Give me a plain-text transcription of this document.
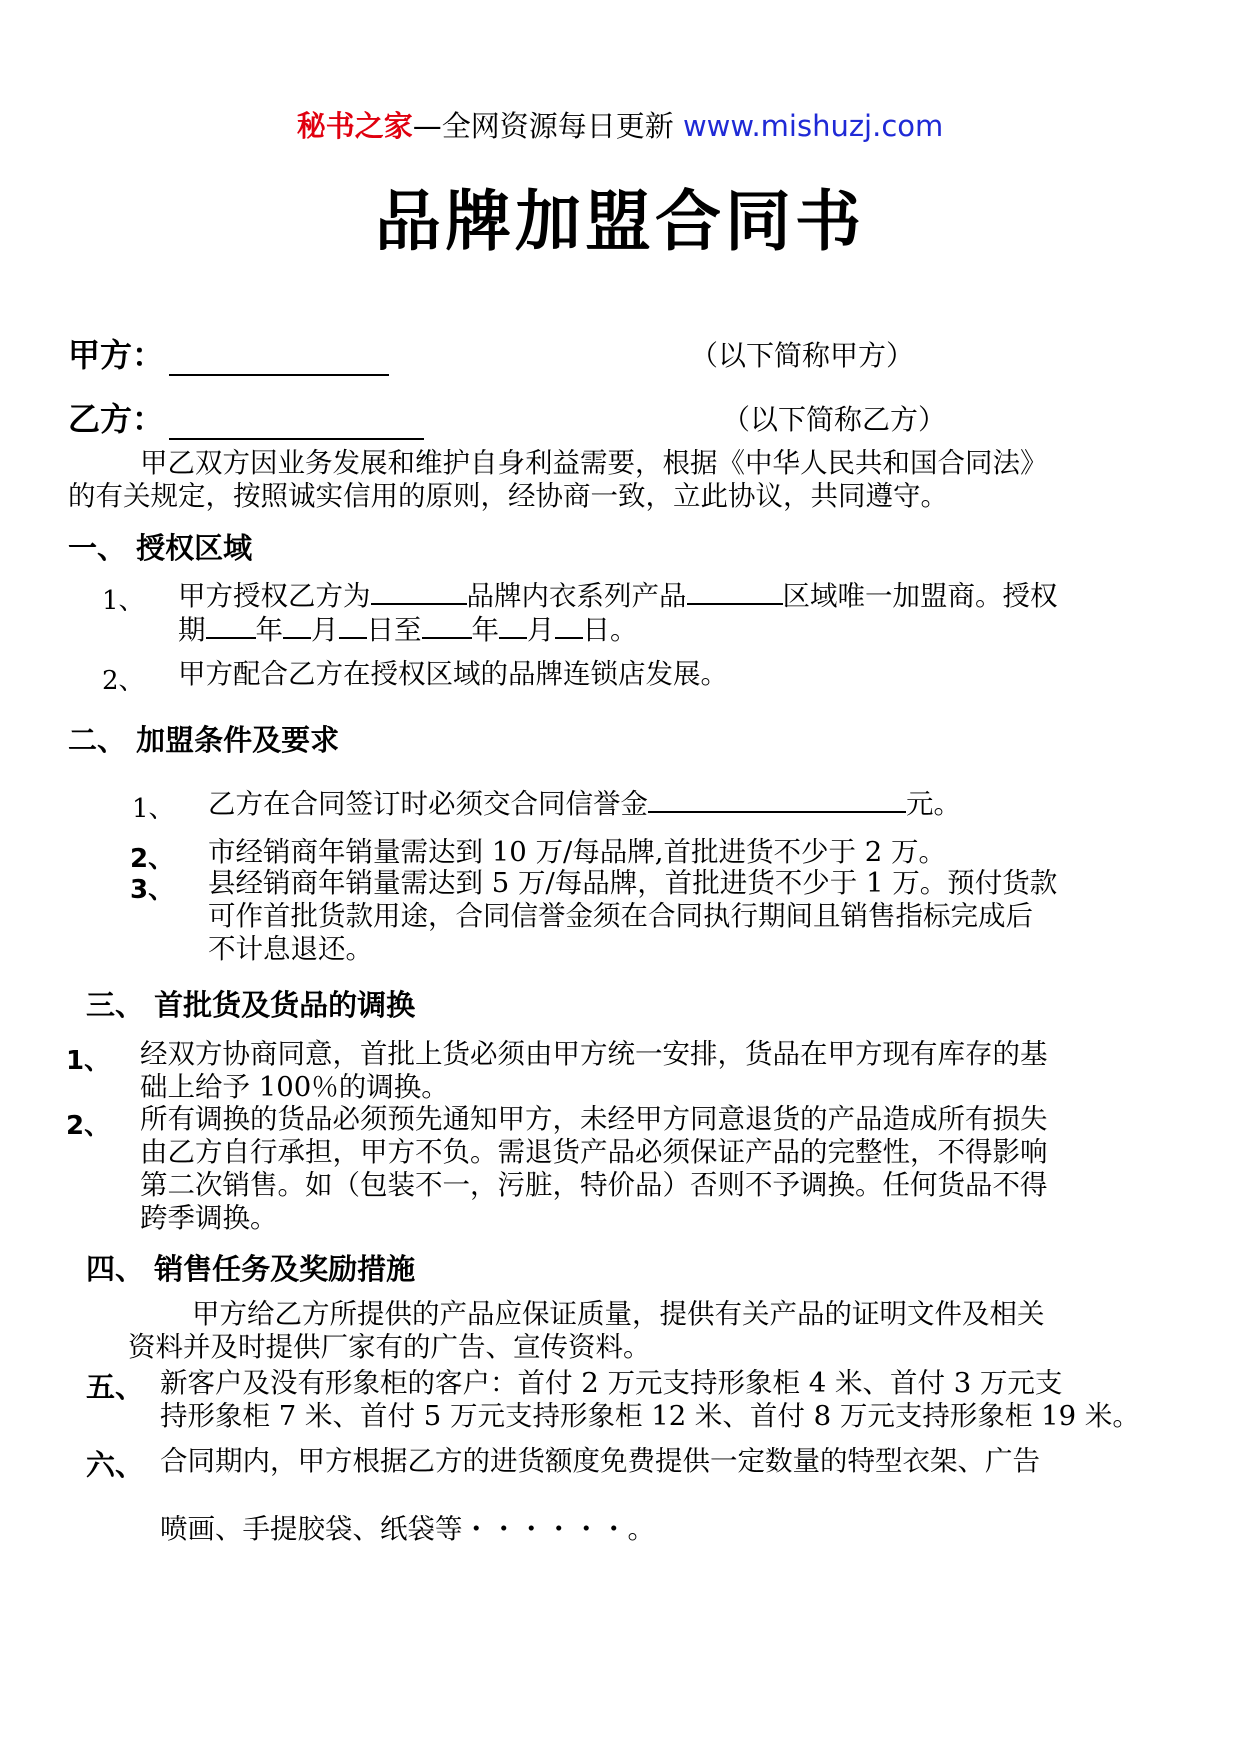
秘书之家—全网资源每日更新 www.mishuzj.com
品牌加盟合同书
甲方：	（以下简称甲方）
乙方：	（以下简称乙方）
甲乙双方因业务发展和维护自身利益需要，根据《中华人民共和国合同法》
的有关规定，按照诚实信用的原则，经协商一致，立此协议，共同遵守。
一、 授权区域
1、 甲方授权乙方为	品牌内衣系列产品	区域唯一加盟商。授权
期 年 月 日至 年 月 日。
2、 甲方配合乙方在授权区域的品牌连锁店发展。
二、 加盟条件及要求
1、 乙方在合同签订时必须交合同信誉金	元。
2、 市经销商年销量需达到 10 万/每品牌,首批进货不少于 2 万。
3、 县经销商年销量需达到 5 万/每品牌，首批进货不少于 1 万。预付货款
可作首批货款用途，合同信誉金须在合同执行期间且销售指标完成后
不计息退还。
三、 首批货及货品的调换
1、 经双方协商同意，首批上货必须由甲方统一安排，货品在甲方现有库存的基
础上给予 100％的调换。
2、 所有调换的货品必须预先通知甲方，未经甲方同意退货的产品造成所有损失
由乙方自行承担，甲方不负。需退货产品必须保证产品的完整性，不得影响
第二次销售。如（包装不一，污脏，特价品）否则不予调换。任何货品不得
跨季调换。
四、 销售任务及奖励措施
甲方给乙方所提供的产品应保证质量，提供有关产品的证明文件及相关
资料并及时提供厂家有的广告、宣传资料。
五、 新客户及没有形象柜的客户：首付 2 万元支持形象柜 4 米、首付 3 万元支
持形象柜 7 米、首付 5 万元支持形象柜 12 米、首付 8 万元支持形象柜 19 米。
六、 合同期内，甲方根据乙方的进货额度免费提供一定数量的特型衣架、广告
喷画、手提胶袋、纸袋等・・・・・・。
